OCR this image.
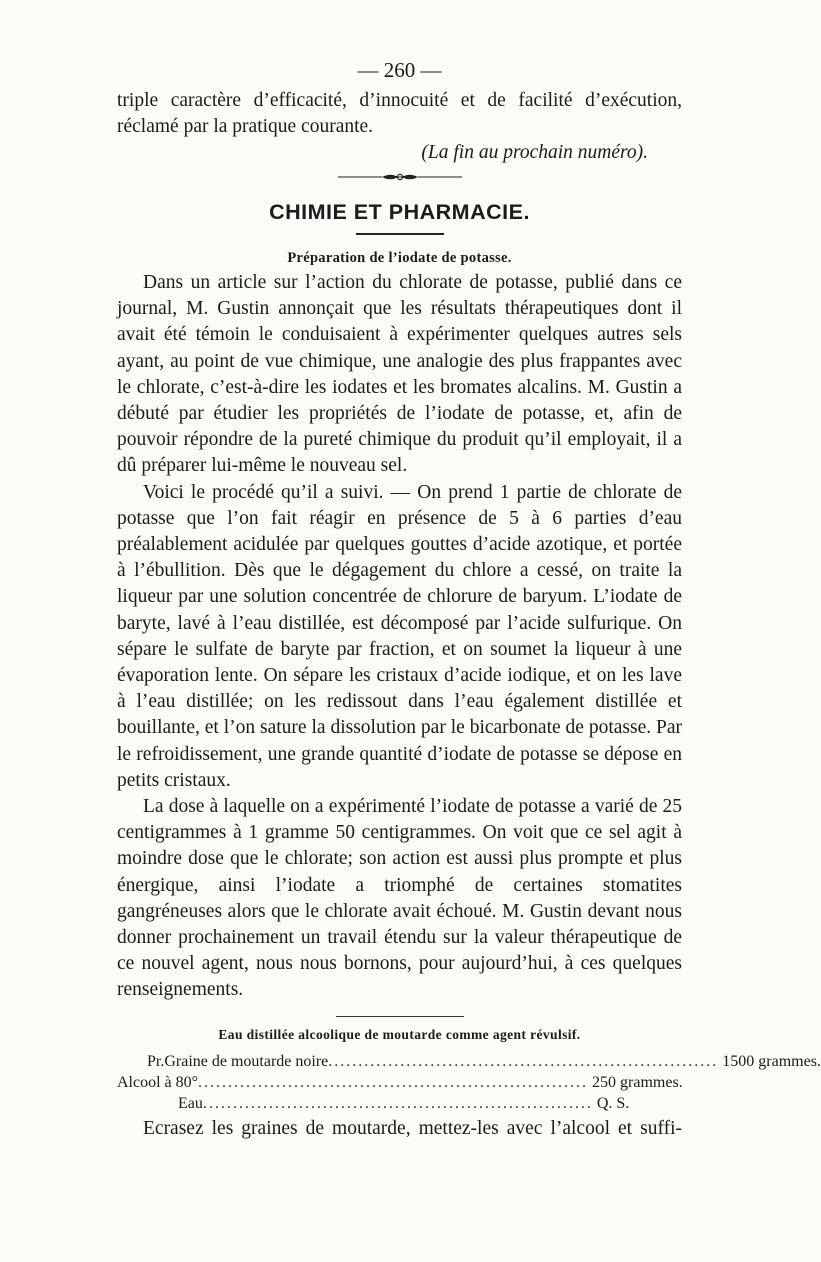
— 260 —

triple caractère d’efficacité, d’innocuité et de facilité d’exécution,

réclamé par la pratique courante.

(La fin au prochain numéro).
CHIMIE ET PHARMACIE.
Préparation de l’iodate de potasse.

Dans un article sur l’action du chlorate de potasse, publié dans ce journal, M. Gustin annonçait que les résultats thérapeutiques dont il avait été témoin le conduisaient à expérimenter quelques autres sels ayant, au point de vue chimique, une analogie des plus frappantes avec le chlorate, c’est-à-dire les iodates et les bromates alcalins. M. Gustin a débuté par étudier les propriétés de l’iodate de potasse, et, afin de pouvoir répondre de la pureté chimique du produit qu’il employait, il a dû préparer lui-même le nouveau sel.

Voici le procédé qu’il a suivi. — On prend 1 partie de chlorate de potasse que l’on fait réagir en présence de 5 à 6 parties d’eau préalablement acidulée par quelques gouttes d’acide azotique, et portée à l’ébullition. Dès que le dégagement du chlore a cessé, on traite la liqueur par une solution concentrée de chlorure de baryum. L’iodate de baryte, lavé à l’eau distillée, est décomposé par l’acide sulfurique. On sépare le sulfate de baryte par fraction, et on soumet la liqueur à une évaporation lente. On sépare les cristaux d’acide iodique, et on les lave à l’eau distillée; on les redissout dans l’eau également distillée et bouillante, et l’on sature la dissolution par le bicarbonate de potasse. Par le refroidissement, une grande quantité d’iodate de potasse se dépose en petits cristaux.

La dose à laquelle on a expérimenté l’iodate de potasse a varié de 25 centigrammes à 1 gramme 50 centigrammes. On voit que ce sel agit à moindre dose que le chlorate; son action est aussi plus prompte et plus énergique, ainsi l’iodate a triomphé de certaines stomatites gangréneuses alors que le chlorate avait échoué. M. Gustin devant nous donner prochainement un travail étendu sur la valeur thérapeutique de ce nouvel agent, nous nous bornons, pour aujourd’hui, à ces quelques renseignements.

Eau distillée alcoolique de moutarde comme agent révulsif.
Pr. Graine de moutarde noire ................................................................. 1500 grammes.
Alcool à 80° ................................................................. 250 grammes.
Eau ................................................................. Q. S.

Ecrasez les graines de moutarde, mettez-les avec l’alcool et suffi-
